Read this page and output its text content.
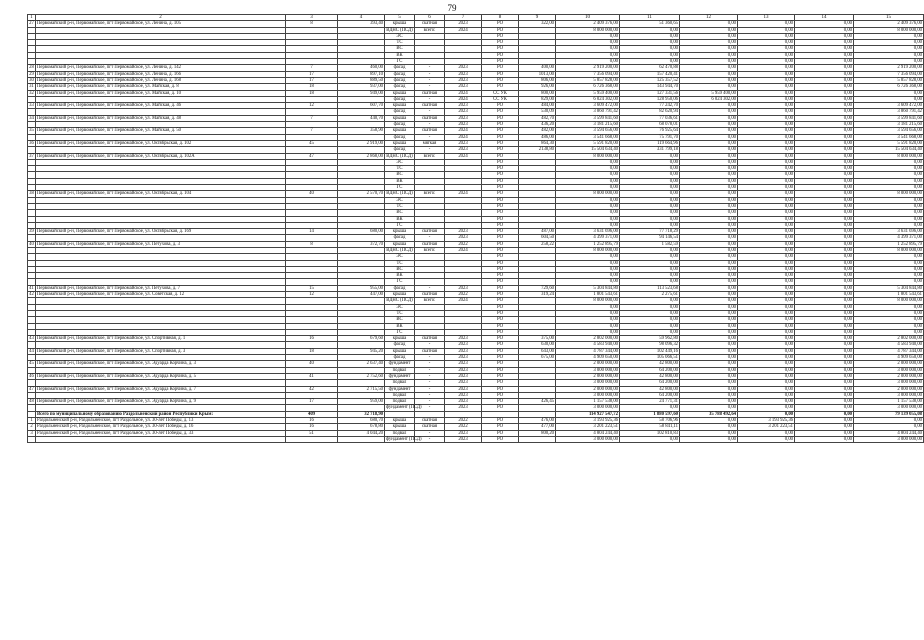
79
1	2	3	4	5	6	7	8	9	10	11	12	13	14	15
27	Первомайский р-н, Первомайское, пгт Первомайское, ул. Ленина, д. 105	8	393,40	крыша	скатная	2023	РО	322,00	2 409 376,00	51 360,65	0,00	0,00	0,00	2 409 376,00
				ВДНС (ПСД)	всего:	2024	РО		8 000 000,00	0,00	0,00	0,00	0,00	8 000 000,00
				ЭС			РО		0,00	0,00	0,00	0,00	0,00	0,00
				ТС			РО		0,00	0,00	0,00	0,00	0,00	0,00
				ВС			РО		0,00	0,00	0,00	0,00	0,00	0,00
				ВК			РО		0,00	0,00	0,00	0,00	0,00	0,00
				ГС			РО		0,00	0,00	0,00	0,00	0,00	0,00
28	Первомайский р-н, Первомайское, пгт Первомайское, ул. Ленина, д. 142	7	460,00	фасад	-	2023	РО	400,00	2 919 200,00	62 470,88	0,00	0,00	0,00	2 919 200,00
29	Первомайский р-н, Первомайское, пгт Первомайское, ул. Ленина, д. 166	17	897,10	фасад	-	2023	РО	1013,00	7 356 094,00	157 420,41	0,00	0,00	0,00	7 356 094,00
30	Первомайский р-н, Первомайское, пгт Первомайское, ул. Ленина, д. 168	17	889,50	фасад	-	2023	РО	806,00	5 857 828,00	125 357,52	0,00	0,00	0,00	5 857 828,00
31	Первомайский р-н, Первомайское, пгт Первомайское, ул. Майская, д. 8	18	937,00	фасад	-	2023	РО	926,00	6 726 368,00	143 944,70	0,00	0,00	0,00	6 726 368,00
32	Первомайский р-н, Первомайское, пгт Первомайское, ул. Майская, д. 10	18	949,00	крыша	скатная	2024	СС УК	800,00	5 959 400,00	127 331,56	5 959 400,00	0,00	0,00	0,00
				фасад	-	2024	СС УК	829,00	6 024 302,00	128 950,06	6 024 302,00	0,00	0,00	0,00
33	Первомайский р-н, Первомайское, пгт Первомайское, ул. Майская, д. 46	12	607,70	крыша	скатная	2023	РО	484,00	3 609 472,00	77 242,70	0,00	0,00	0,00	3 609 472,00
				фасад	-	2023	РО	530,09	3 860 791,42	82 620,94	0,00	0,00	0,00	3 860 791,42
34	Первомайский р-н, Первомайское, пгт Первомайское, ул. Майская, д. 48	7	440,70	крыша	скатная	2023	РО	482,70	3 599 841,60	77 036,61	0,00	0,00	0,00	3 599 841,60
				фасад	-	2023	РО	436,20	3 181 215,60	68 078,01	0,00	0,00	0,00	3 181 215,60
35	Первомайский р-н, Первомайское, пгт Первомайское, ул. Майская, д. 50	7	358,90	крыша	скатная	2024	РО	482,00	3 594 656,00	76 925,64	0,00	0,00	0,00	3 594 656,00
				фасад	-	2024	РО	486,00	3 541 668,00	75 791,70	0,00	0,00	0,00	3 541 668,00
36	Первомайский р-н, Первомайское, пгт Первомайское, ул. Октябрьская, д. 102	45	2 919,00	крыша	мягкая	2023	РО	864,30	5 591 820,00	119 664,96	0,00	0,00	0,00	5 591 820,00
				фасад	-	2023	РО	2138,80	15 504 634,40	331 799,18	0,00	0,00	0,00	15 504 634,40
37	Первомайский р-н, Первомайское, пгт Первомайское, ул. Октябрьская, д. 102А	47	2 868,00	ВДНС (ПСД)	всего:	2024	РО		8 000 000,00	0,00	0,00	0,00	0,00	8 000 000,00
				ЭС			РО		0,00	0,00	0,00	0,00	0,00	0,00
				ТС			РО		0,00	0,00	0,00	0,00	0,00	0,00
				ВС			РО		0,00	0,00	0,00	0,00	0,00	0,00
				ВК			РО		0,00	0,00	0,00	0,00	0,00	0,00
				ГС			РО		0,00	0,00	0,00	0,00	0,00	0,00
38	Первомайский р-н, Первомайское, пгт Первомайское, ул. Октябрьская, д. 104	40	2 570,70	ВДНС (ПСД)	всего:	2024	РО		8 000 000,00	0,00	0,00	0,00	0,00	8 000 000,00
				ЭС			РО		0,00	0,00	0,00	0,00	0,00	0,00
				ТС			РО		0,00	0,00	0,00	0,00	0,00	0,00
				ВС			РО		0,00	0,00	0,00	0,00	0,00	0,00
				ВК			РО		0,00	0,00	0,00	0,00	0,00	0,00
				ГС			РО		0,00	0,00	0,00	0,00	0,00	0,00
39	Первомайский р-н, Первомайское, пгт Первомайское, ул. Октябрьская, д. 169	14	680,00	крыша	скатная	2023	РО	487,00	3 631 696,00	77 718,29	0,00	0,00	0,00	3 631 696,00
				фасад	-	2023	РО	604,50	4 399 371,00	94 146,54	0,00	0,00	0,00	4 399 371,00
40	Первомайский р-н, Первомайское, пгт Первомайское, ул. Петухова, д. 3	8	372,70	крыша	скатная	2022	РО	258,22	1 252 895,79	1 582,59	0,00	0,00	0,00	1 252 895,79
				ВДНС (ПСД)	всего:	2024	РО		8 000 000,00	0,00	0,00	0,00	0,00	8 000 000,00
				ЭС			РО		0,00	0,00	0,00	0,00	0,00	0,00
				ТС			РО		0,00	0,00	0,00	0,00	0,00	0,00
				ВС			РО		0,00	0,00	0,00	0,00	0,00	0,00
				ВК			РО		0,00	0,00	0,00	0,00	0,00	0,00
				ГС			РО		0,00	0,00	0,00	0,00	0,00	0,00
41	Первомайский р-н, Первомайское, пгт Первомайское, ул. Петухова, д. 7	15	955,00	фасад	-	2023	РО	729,60	5 304 844,80	113 523,68	0,00	0,00	0,00	5 304 844,80
42	Первомайский р-н, Первомайское, пгт Первомайское, ул. Советская, д. 12	12	447,00	крыша	скатная	2022	РО	319,24	1 801 543,61	2 275,61	0,00	0,00	0,00	1 801 543,61
				ВДНС (ПСД)	всего:	2024	РО		8 000 000,00	0,00	0,00	0,00	0,00	8 000 000,00
				ЭС			РО		0,00	0,00	0,00	0,00	0,00	0,00
				ТС			РО		0,00	0,00	0,00	0,00	0,00	0,00
				ВС			РО		0,00	0,00	0,00	0,00	0,00	0,00
				ВК			РО		0,00	0,00	0,00	0,00	0,00	0,00
				ГС			РО		0,00	0,00	0,00	0,00	0,00	0,00
43	Первомайский р-н, Первомайское, пгт Первомайское, ул. Спортивная, д. 1	16	679,60	крыша	скатная	2023	РО	375,00	2 802 000,00	59 962,80	0,00	0,00	0,00	2 802 000,00
				фасад	-	2023	РО	630,00	4 583 940,00	98 096,32	0,00	0,00	0,00	4 583 940,00
44	Первомайский р-н, Первомайское, пгт Первомайское, ул. Спортивная, д. 3	18	945,20	крыша	скатная	2023	РО	643,00	4 787 344,00	102 449,16	0,00	0,00	0,00	4 787 344,00
				фасад	-	2023	РО	675,00	4 909 650,00	105 066,51	0,00	0,00	0,00	4 909 650,00
45	Первомайский р-н, Первомайское, пгт Первомайское, ул. Эдуарда Корчина, д. 3	40	2 637,40	фундамент	-	2023	РО		2 000 000,00	42 800,00	0,00	0,00	0,00	2 000 000,00
				подвал	-	2023	РО		3 000 000,00	64 200,00	0,00	0,00	0,00	3 000 000,00
46	Первомайский р-н, Первомайское, пгт Первомайское, ул. Эдуарда Корчина, д. 5	41	2 752,60	фундамент	-	2023	РО		2 000 000,00	42 800,00	0,00	0,00	0,00	2 000 000,00
				подвал	-	2023	РО		3 000 000,00	64 200,00	0,00	0,00	0,00	3 000 000,00
47	Первомайский р-н, Первомайское, пгт Первомайское, ул. Эдуарда Корчина, д. 7	42	2 715,50	фундамент	-	2023	РО		2 000 000,00	42 800,00	0,00	0,00	0,00	2 000 000,00
				подвал	-	2023	РО		3 000 000,00	64 200,00	0,00	0,00	0,00	3 000 000,00
48	Первомайский р-н, Первомайское, пгт Первомайское, ул. Эдуарда Корчина, д. 9	17	959,00	подвал	-	2023	РО	426,45	1 157 538,00	24 771,31	0,00	0,00	0,00	1 157 538,00
				фундамент (ПСД)	-	2023	РО		3 000 000,00	0,00	0,00	0,00	0,00	3 000 000,00
	Всего по муниципальному образованию Раздольненский район Республики Крым:	409	32 718,90						114 927 547,72	1 880 597,60	35 788 492,64	0,00	0,00	79 139 055,08
1	Раздольненский р-н, Раздольненское, пгт Раздольное, ул. 30-лет Победы, д. 13	16	680,70	крыша	скатная	2022	РО	476,00	3 193 925,36	58 706,96	0,00	3 193 925,36	0,00	0,00
2	Раздольненский р-н, Раздольненское, пгт Раздольное, ул. 30-лет Победы, д. 16	16	678,80	крыша	скатная	2022	РО	477,00	3 201 223,51	58 841,11	0,00	3 201 223,51	0,00	0,00
3	Раздольненский р-н, Раздольненское, пгт Раздольное, ул. 30-лет Победы, д. 33	51	4 044,20	подвал	-	2023	РО	800,20	4 804 244,40	102 810,83	0,00	0,00	0,00	4 804 244,40
				фундамент (ПСД)	-	2023	РО		3 000 000,00	0,00	0,00	0,00	0,00	3 000 000,00
